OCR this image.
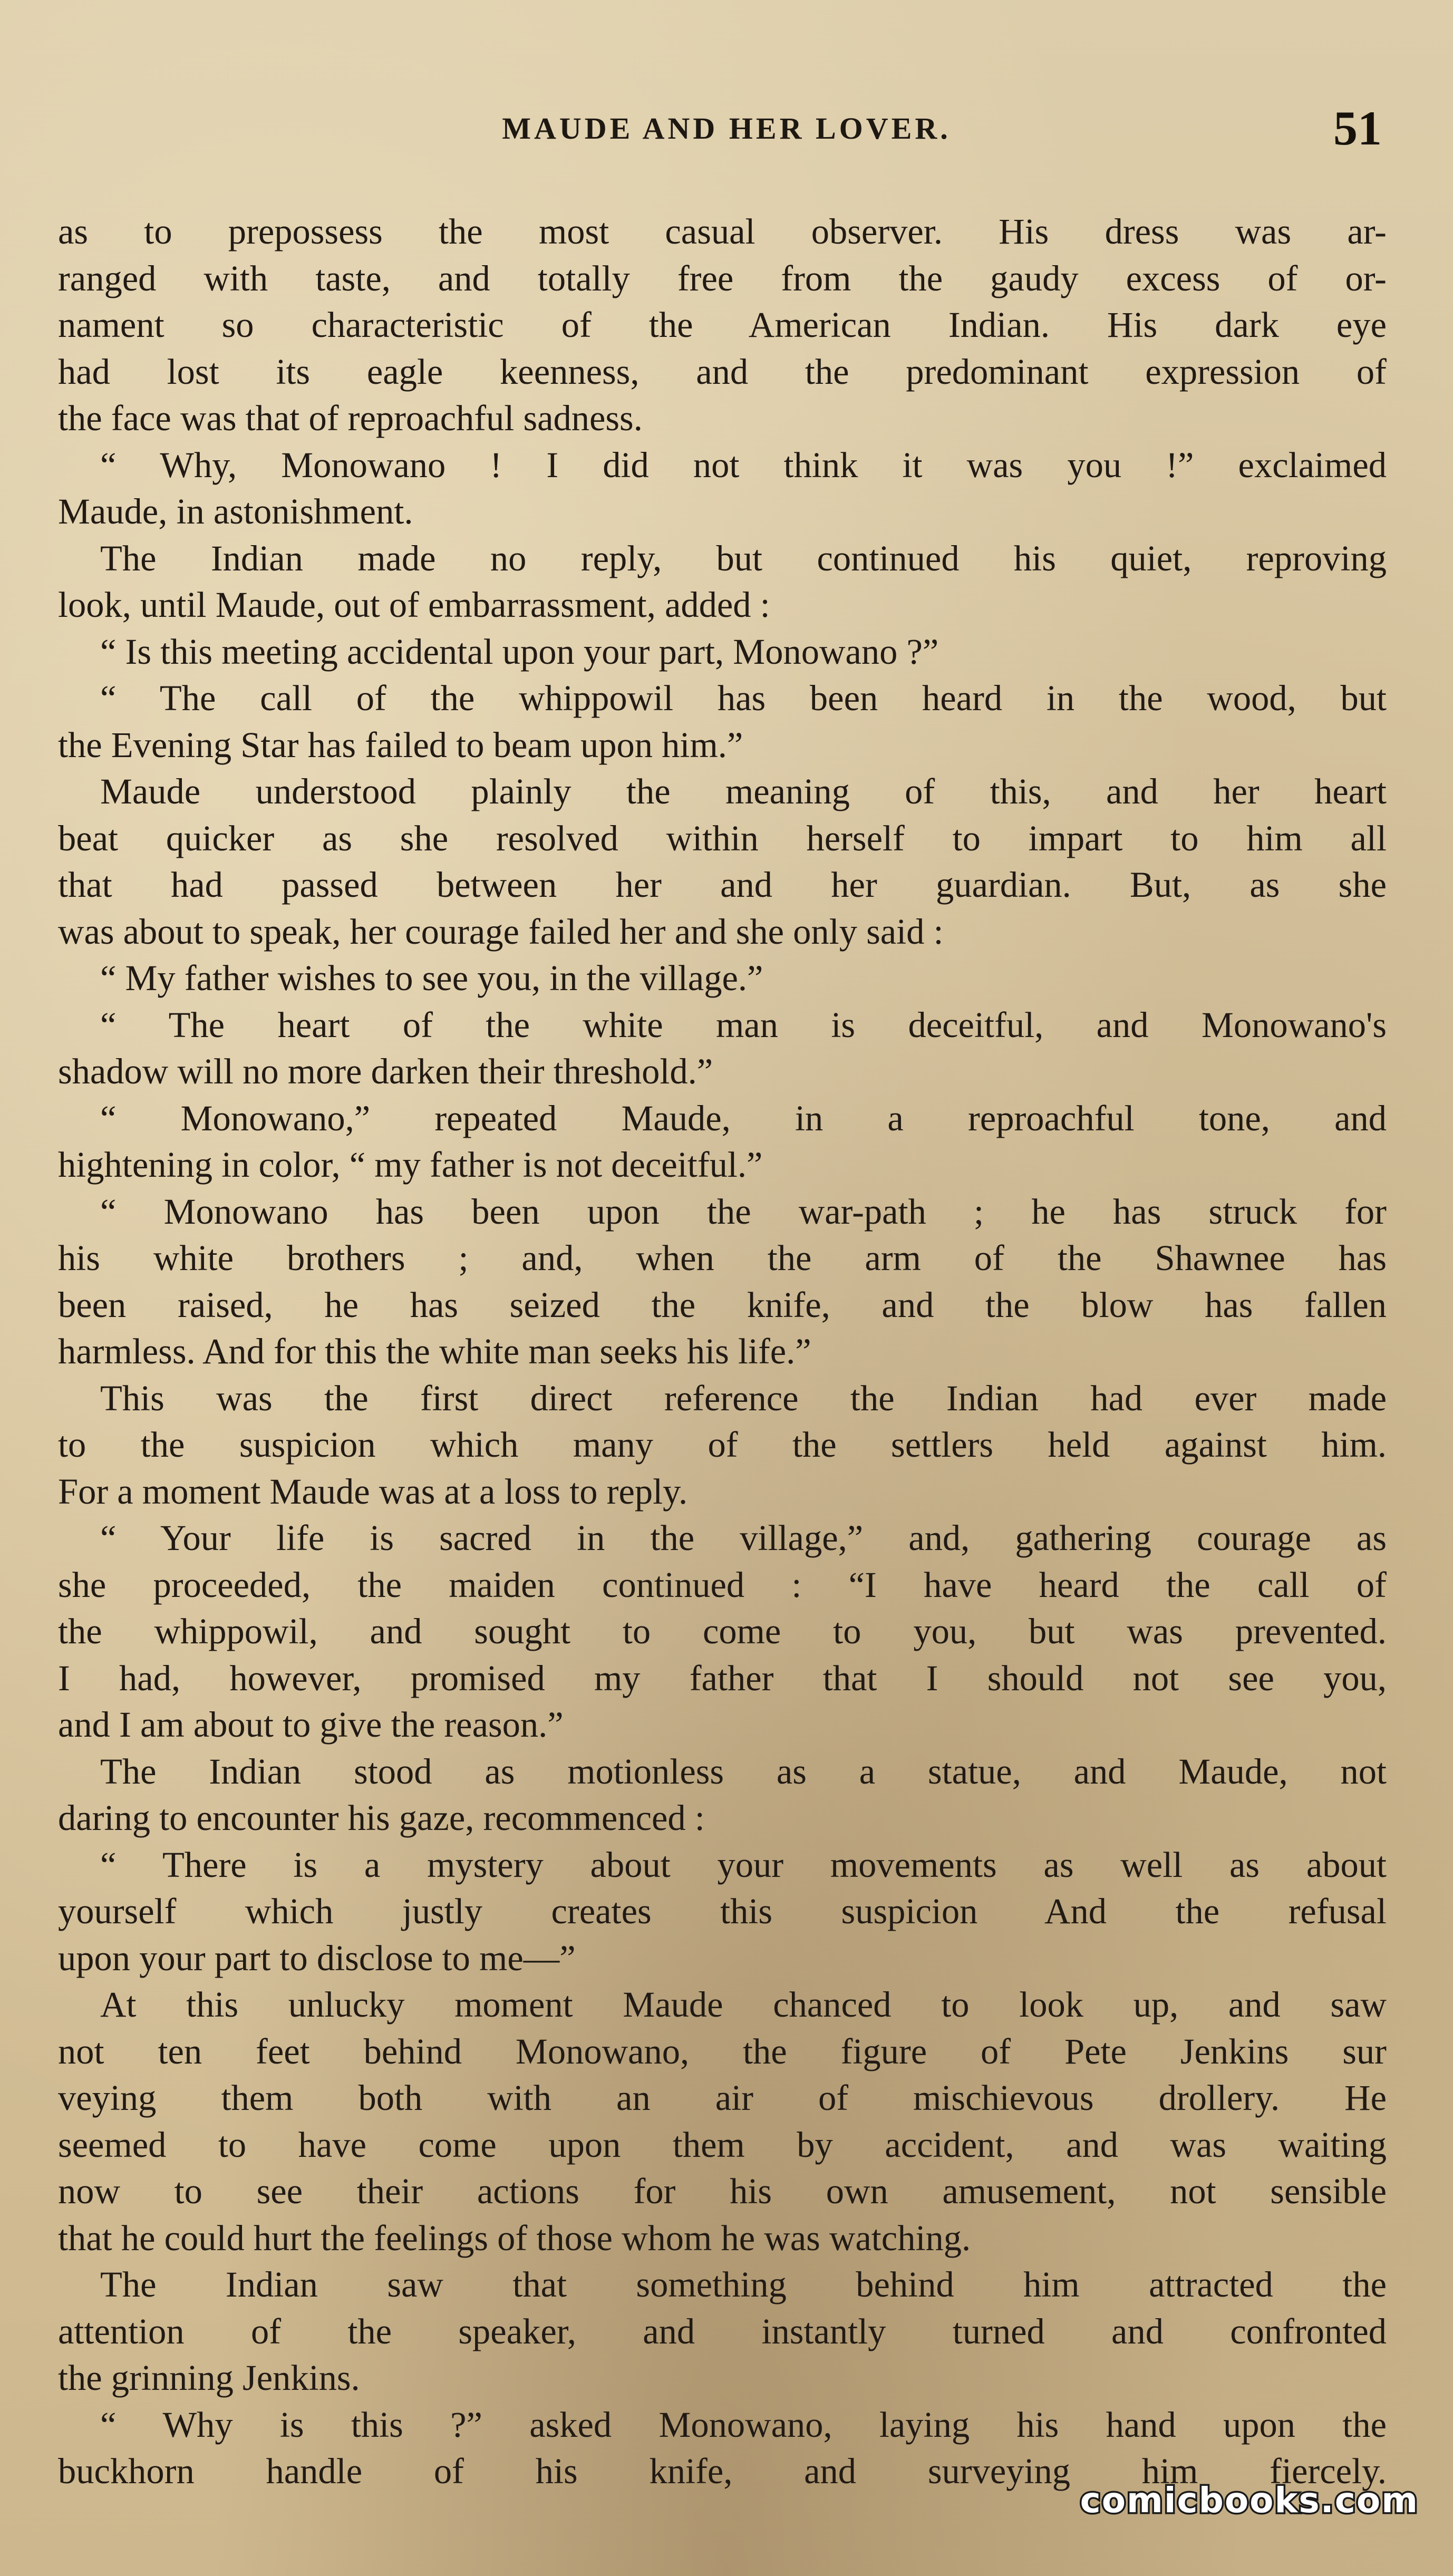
MAUDE AND HER LOVER.	51
as to prepossess the most casual observer. His dress was ar-
ranged with taste, and totally free from the gaudy excess of or-
nament so characteristic of the American Indian. His dark eye
had lost its eagle keenness, and the predominant expression of
the face was that of reproachful sadness.
“ Why, Monowano ! I did not think it was you !” exclaimed
Maude, in astonishment.
The Indian made no reply, but continued his quiet, reproving
look, until Maude, out of embarrassment, added :
“ Is this meeting accidental upon your part, Monowano ?”
“ The call of the whippowil has been heard in the wood, but
the Evening Star has failed to beam upon him.”
Maude understood plainly the meaning of this, and her heart
beat quicker as she resolved within herself to impart to him all
that had passed between her and her guardian. But, as she
was about to speak, her courage failed her and she only said :
“ My father wishes to see you, in the village.”
“ The heart of the white man is deceitful, and Monowano's
shadow will no more darken their threshold.”
“ Monowano,” repeated Maude, in a reproachful tone, and
hightening in color, “ my father is not deceitful.”
“ Monowano has been upon the war-path ; he has struck for
his white brothers ; and, when the arm of the Shawnee has
been raised, he has seized the knife, and the blow has fallen
harmless. And for this the white man seeks his life.”
This was the first direct reference the Indian had ever made
to the suspicion which many of the settlers held against him.
For a moment Maude was at a loss to reply.
“ Your life is sacred in the village,” and, gathering courage as
she proceeded, the maiden continued : “I have heard the call of
the whippowil, and sought to come to you, but was prevented.
I had, however, promised my father that I should not see you,
and I am about to give the reason.”
The Indian stood as motionless as a statue, and Maude, not
daring to encounter his gaze, recommenced :
“ There is a mystery about your movements as well as about
yourself which justly creates this suspicion And the refusal
upon your part to disclose to me—”
At this unlucky moment Maude chanced to look up, and saw
not ten feet behind Monowano, the figure of Pete Jenkins sur
veying them both with an air of mischievous drollery. He
seemed to have come upon them by accident, and was waiting
now to see their actions for his own amusement, not sensible
that he could hurt the feelings of those whom he was watching.
The Indian saw that something behind him attracted the
attention of the speaker, and instantly turned and confronted
the grinning Jenkins.
“ Why is this ?” asked Monowano, laying his hand upon the
buckhorn handle of his knife, and surveying him fiercely.
comicbooks.com
